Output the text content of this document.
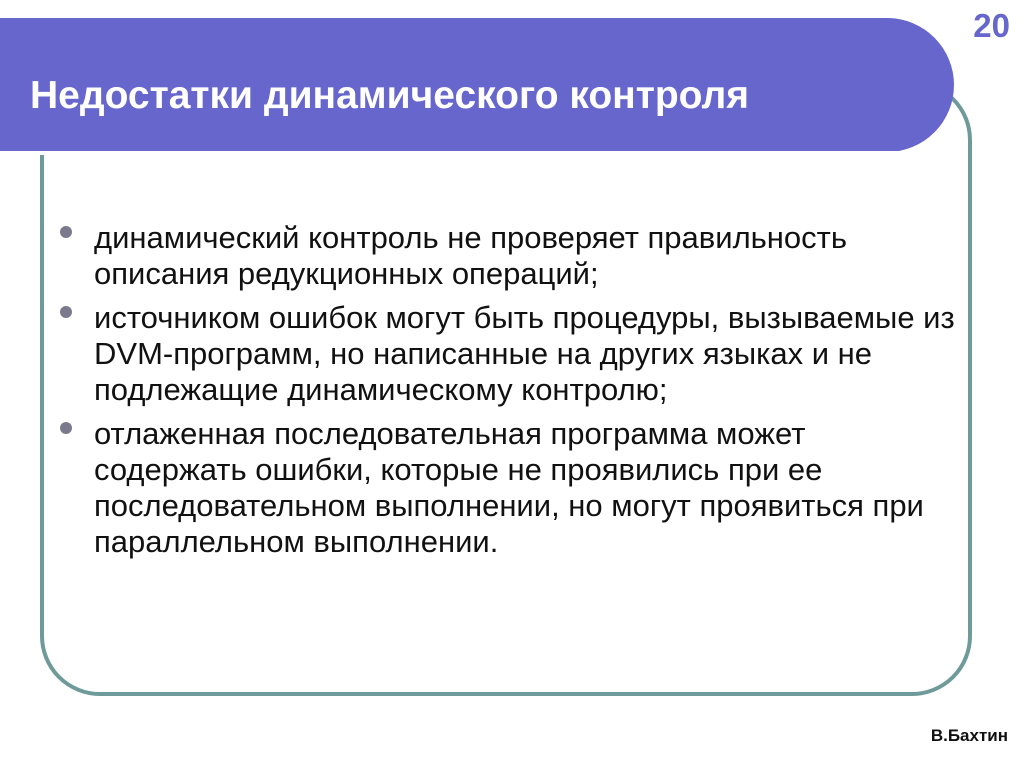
Недостатки динамического контроля
20
динамический контроль не проверяет правильность описания редукционных операций;
источником ошибок могут быть процедуры, вызываемые из DVM-программ, но написанные на других языках и не подлежащие динамическому контролю;
отлаженная последовательная программа может содержать ошибки, которые не проявились при ее последовательном выполнении, но могут проявиться при параллельном выполнении.
В.Бахтин
